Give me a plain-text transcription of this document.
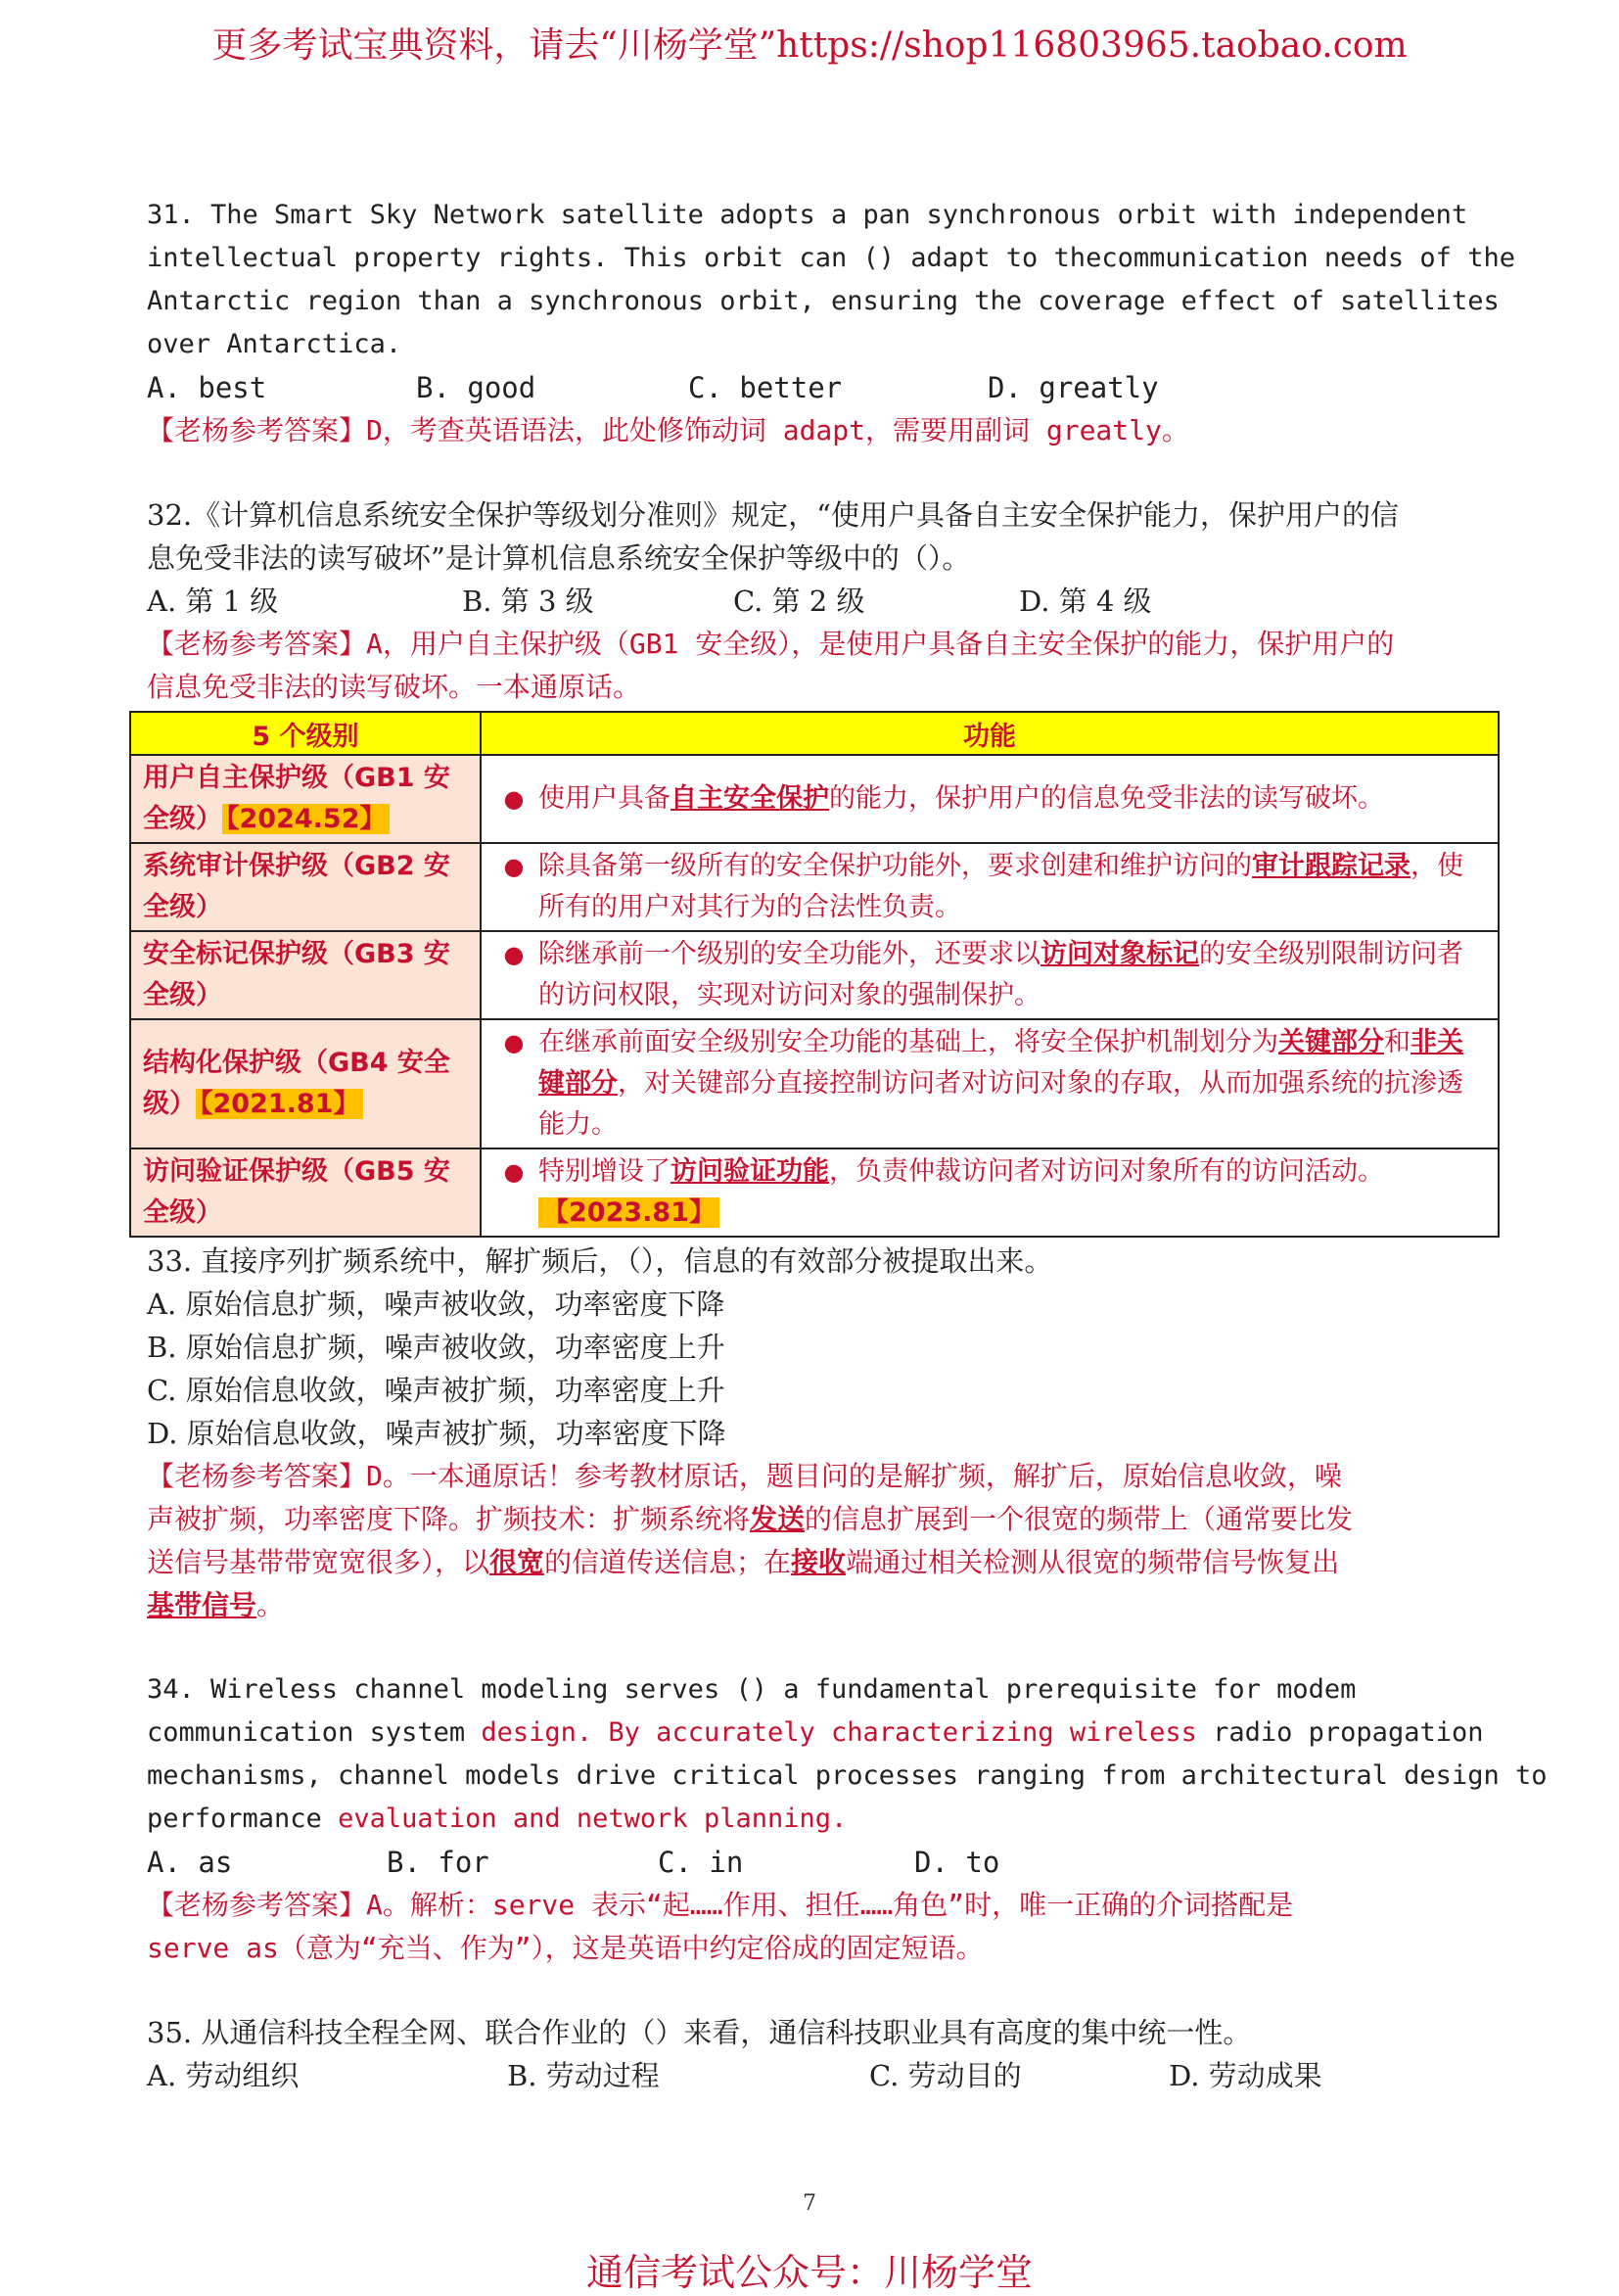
更多考试宝典资料，请去“川杨学堂”https://shop116803965.taobao.com
31. The Smart Sky Network satellite adopts a pan synchronous orbit with independent
intellectual property rights. This orbit can () adapt to thecommunication needs of the
Antarctic region than a synchronous orbit, ensuring the coverage effect of satellites
over Antarctica.
A. best	B. good	C. better	D. greatly
【老杨参考答案】D，考查英语语法，此处修饰动词 adapt，需要用副词 greatly。
32.《计算机信息系统安全保护等级划分准则》规定，“使用户具备自主安全保护能力，保护用户的信
息免受非法的读写破坏”是计算机信息系统安全保护等级中的（）。
A. 第 1 级	B. 第 3 级	C. 第 2 级	D. 第 4 级
【老杨参考答案】A，用户自主保护级（GB1 安全级），是使用户具备自主安全保护的能力，保护用户的
信息免受非法的读写破坏。一本通原话。
5 个级别	功能
用户自主保护级（GB1 安全级） 【2024.52】	● 使用户具备自主安全保护的能力，保护用户的信息免受非法的读写破坏。

系统审计保护级（GB2 安全级）	● 除具备第一级所有的安全保护功能外，要求创建和维护访问的审计跟踪记录，使所有的用户对其行为的合法性负责。

安全标记保护级（GB3 安全级）	● 除继承前一个级别的安全功能外，还要求以访问对象标记的安全级别限制访问者的访问权限，实现对访问对象的强制保护。

结构化保护级（GB4 安全级） 【2021.81】	● 在继承前面安全级别安全功能的基础上，将安全保护机制划分为关键部分和非关键部分，对关键部分直接控制访问者对访问对象的存取，从而加强系统的抗渗透能力。

访问验证保护级（GB5 安全级）	● 特别增设了访问验证功能，负责仲裁访问者对访问对象所有的访问活动。【2023.81】
33. 直接序列扩频系统中，解扩频后，（），信息的有效部分被提取出来。
A. 原始信息扩频，噪声被收敛，功率密度下降
B. 原始信息扩频，噪声被收敛，功率密度上升
C. 原始信息收敛，噪声被扩频，功率密度上升
D. 原始信息收敛，噪声被扩频，功率密度下降
【老杨参考答案】D。一本通原话！参考教材原话，题目问的是解扩频，解扩后，原始信息收敛，噪
声被扩频，功率密度下降。扩频技术：扩频系统将发送的信息扩展到一个很宽的频带上（通常要比发
送信号基带带宽宽很多），以很宽的信道传送信息；在接收端通过相关检测从很宽的频带信号恢复出
基带信号。
34. Wireless channel modeling serves () a fundamental prerequisite for modem
communication system design. By accurately characterizing wireless radio propagation
mechanisms, channel models drive critical processes ranging from architectural design to
performance evaluation and network planning.
A. as	B. for	C. in	D. to
【老杨参考答案】A。解析：serve 表示“起……作用、担任……角色”时，唯一正确的介词搭配是
serve as（意为“充当、作为”），这是英语中约定俗成的固定短语。
35. 从通信科技全程全网、联合作业的（）来看，通信科技职业具有高度的集中统一性。
A. 劳动组织	B. 劳动过程	C. 劳动目的	D. 劳动成果
7
通信考试公众号：川杨学堂
